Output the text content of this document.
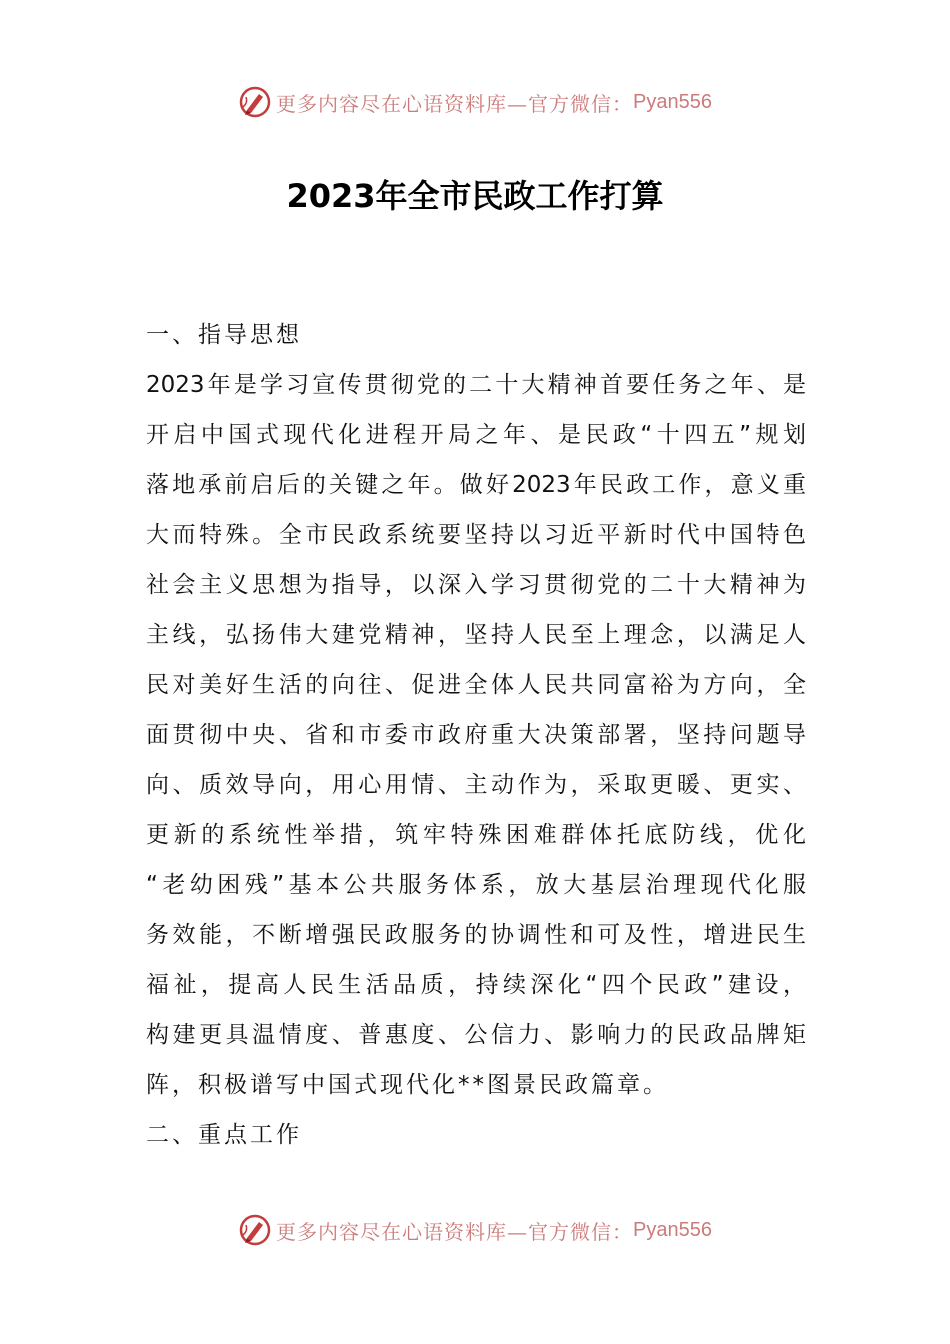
更多内容尽在心语资料库—官方微信： Pyan556
2023年全市民政工作打算
一、指导思想
2023年是学习宣传贯彻党的二十大精神首要任务之年、是
开启中国式现代化进程开局之年、是民政“十四五”规划
落地承前启后的关键之年。做好2023年民政工作，意义重
大而特殊。全市民政系统要坚持以习近平新时代中国特色
社会主义思想为指导，以深入学习贯彻党的二十大精神为
主线，弘扬伟大建党精神，坚持人民至上理念，以满足人
民对美好生活的向往、促进全体人民共同富裕为方向，全
面贯彻中央、省和市委市政府重大决策部署，坚持问题导
向、质效导向，用心用情、主动作为，采取更暖、更实、
更新的系统性举措，筑牢特殊困难群体托底防线，优化
“老幼困残”基本公共服务体系，放大基层治理现代化服
务效能，不断增强民政服务的协调性和可及性，增进民生
福祉，提高人民生活品质，持续深化“四个民政”建设，
构建更具温情度、普惠度、公信力、影响力的民政品牌矩
阵，积极谱写中国式现代化**图景民政篇章。
二、重点工作
更多内容尽在心语资料库—官方微信： Pyan556
